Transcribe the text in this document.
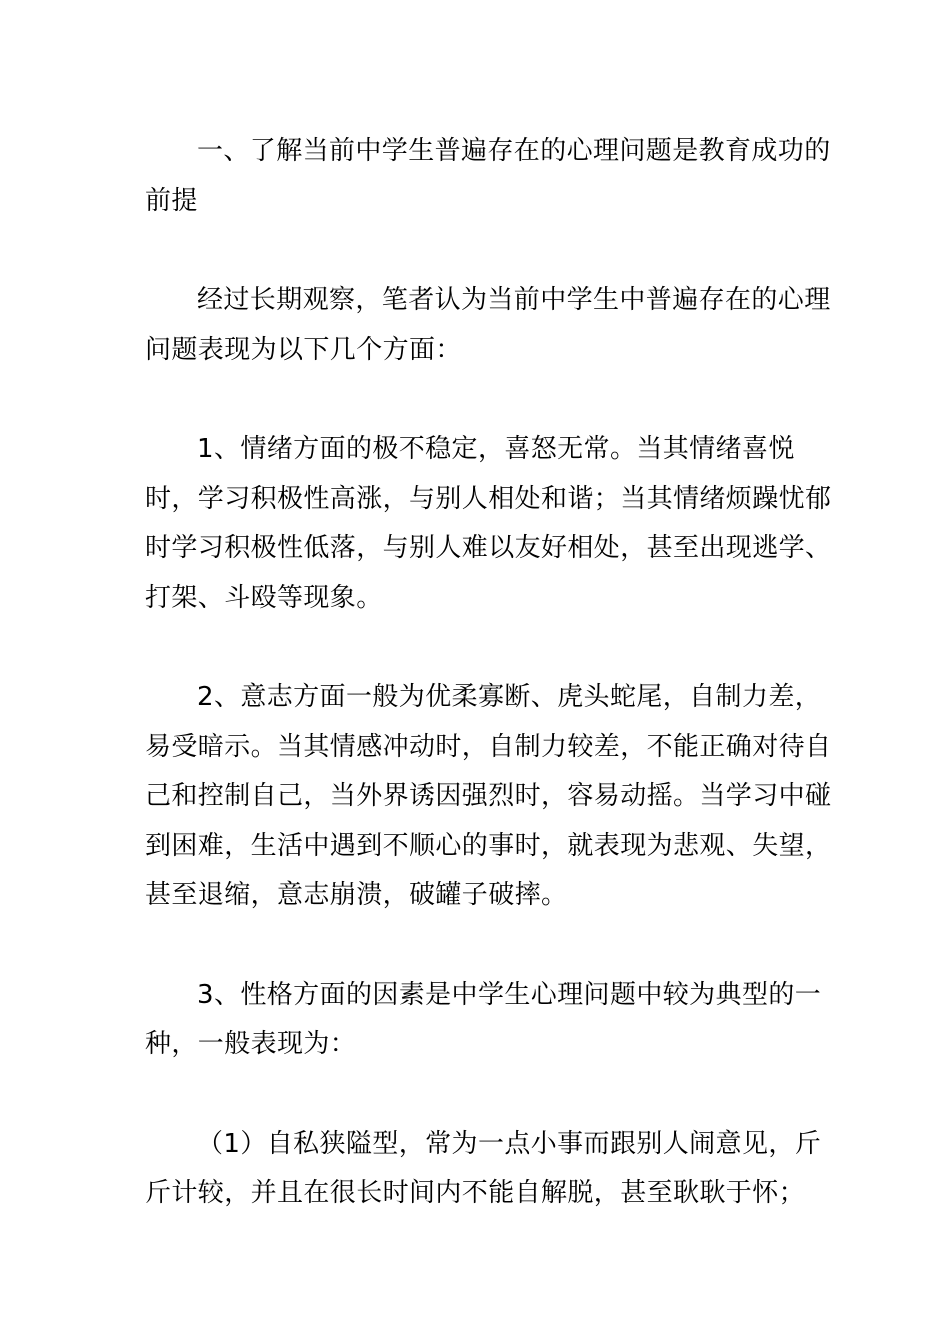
一、了解当前中学生普遍存在的心理问题是教育成功的前提

经过长期观察，笔者认为当前中学生中普遍存在的心理问题表现为以下几个方面：

1、情绪方面的极不稳定，喜怒无常。当其情绪喜悦时，学习积极性高涨，与别人相处和谐；当其情绪烦躁忧郁时学习积极性低落，与别人难以友好相处，甚至出现逃学、打架、斗殴等现象。

2、意志方面一般为优柔寡断、虎头蛇尾，自制力差，易受暗示。当其情感冲动时，自制力较差，不能正确对待自己和控制自己，当外界诱因强烈时，容易动摇。当学习中碰到困难，生活中遇到不顺心的事时，就表现为悲观、失望，甚至退缩，意志崩溃，破罐子破摔。

3、性格方面的因素是中学生心理问题中较为典型的一种，一般表现为：

（1）自私狭隘型，常为一点小事而跟别人闹意见，斤斤计较，并且在很长时间内不能自解脱，甚至耿耿于怀；
